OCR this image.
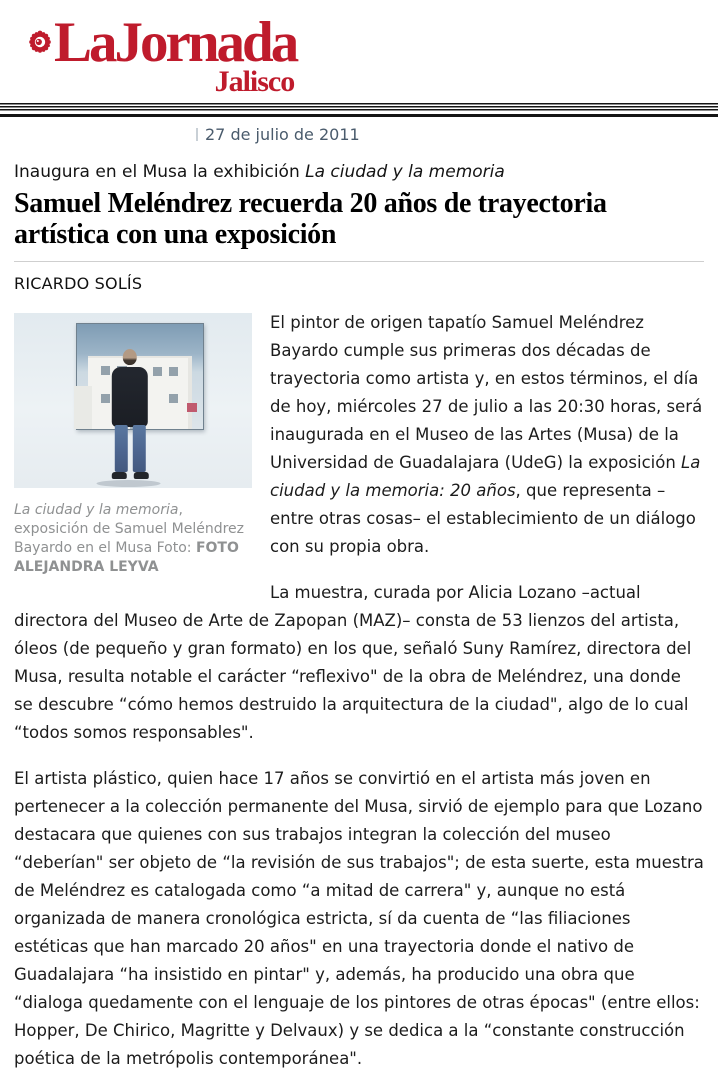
LaJornada
Jalisco
27 de julio de 2011
Inaugura en el Musa la exhibición La ciudad y la memoria
Samuel Meléndrez recuerda 20 años de trayectoria artística con una exposición
RICARDO SOLÍS
La ciudad y la memoria, exposición de Samuel Meléndrez Bayardo en el Musa Foto: FOTO ALEJANDRA LEYVA

El pintor de origen tapatío Samuel Meléndrez Bayardo cumple sus primeras dos décadas de trayectoria como artista y, en estos términos, el día de hoy, miércoles 27 de julio a las 20:30 horas, será inaugurada en el Museo de las Artes (Musa) de la Universidad de Guadalajara (UdeG) la exposición La ciudad y la memoria: 20 años, que representa –entre otras cosas– el establecimiento de un diálogo con su propia obra.

La muestra, curada por Alicia Lozano –actual directora del Museo de Arte de Zapopan (MAZ)– consta de 53 lienzos del artista, óleos (de pequeño y gran formato) en los que, señaló Suny Ramírez, directora del Musa, resulta notable el carácter “reflexivo" de la obra de Meléndrez, una donde se descubre “cómo hemos destruido la arquitectura de la ciudad", algo de lo cual “todos somos responsables".

El artista plástico, quien hace 17 años se convirtió en el artista más joven en pertenecer a la colección permanente del Musa, sirvió de ejemplo para que Lozano destacara que quienes con sus trabajos integran la colección del museo “deberían" ser objeto de “la revisión de sus trabajos"; de esta suerte, esta muestra de Meléndrez es catalogada como “a mitad de carrera" y, aunque no está organizada de manera cronológica estricta, sí da cuenta de “las filiaciones estéticas que han marcado 20 años" en una trayectoria donde el nativo de Guadalajara “ha insistido en pintar" y, además, ha producido una obra que “dialoga quedamente con el lenguaje de los pintores de otras épocas" (entre ellos: Hopper, De Chirico, Magritte y Delvaux) y se dedica a la “constante construcción poética de la metrópolis contemporánea".
